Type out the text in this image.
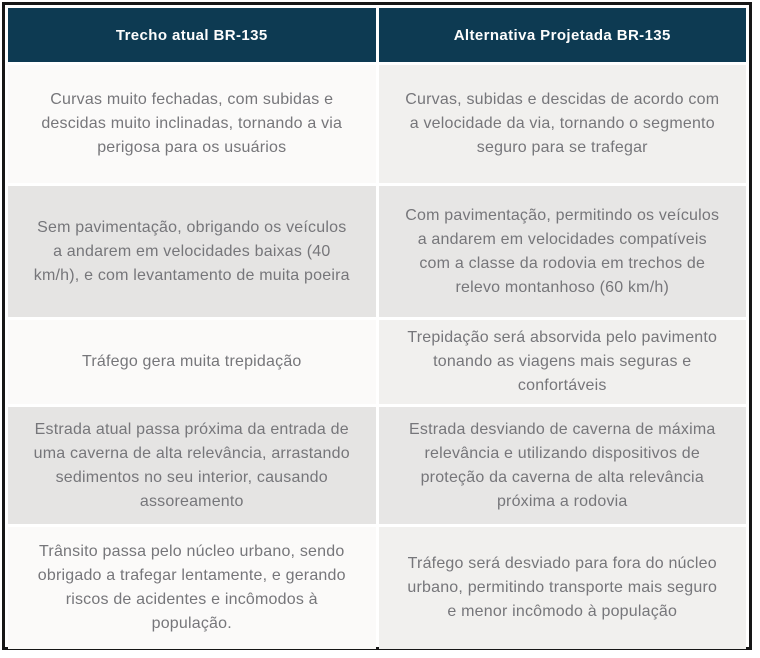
Trecho atual BR-135	Alternativa Projetada BR-135
Curvas muito fechadas, com subidas e descidas muito inclinadas, tornando a via perigosa para os usuários	Curvas, subidas e descidas de acordo com a velocidade da via, tornando o segmento seguro para se trafegar
Sem pavimentação, obrigando os veículos a andarem em velocidades baixas (40 km/h), e com levantamento de muita poeira	Com pavimentação, permitindo os veículos a andarem em velocidades compatíveis com a classe da rodovia em trechos de relevo montanhoso (60 km/h)
Tráfego gera muita trepidação	Trepidação será absorvida pelo pavimento tonando as viagens mais seguras e confortáveis
Estrada atual passa próxima da entrada de uma caverna de alta relevância, arrastando sedimentos no seu interior, causando assoreamento	Estrada desviando de caverna de máxima relevância e utilizando dispositivos de proteção da caverna de alta relevância próxima a rodovia
Trânsito passa pelo núcleo urbano, sendo obrigado a trafegar lentamente, e gerando riscos de acidentes e incômodos à população.	Tráfego será desviado para fora do núcleo urbano, permitindo transporte mais seguro e menor incômodo à população
